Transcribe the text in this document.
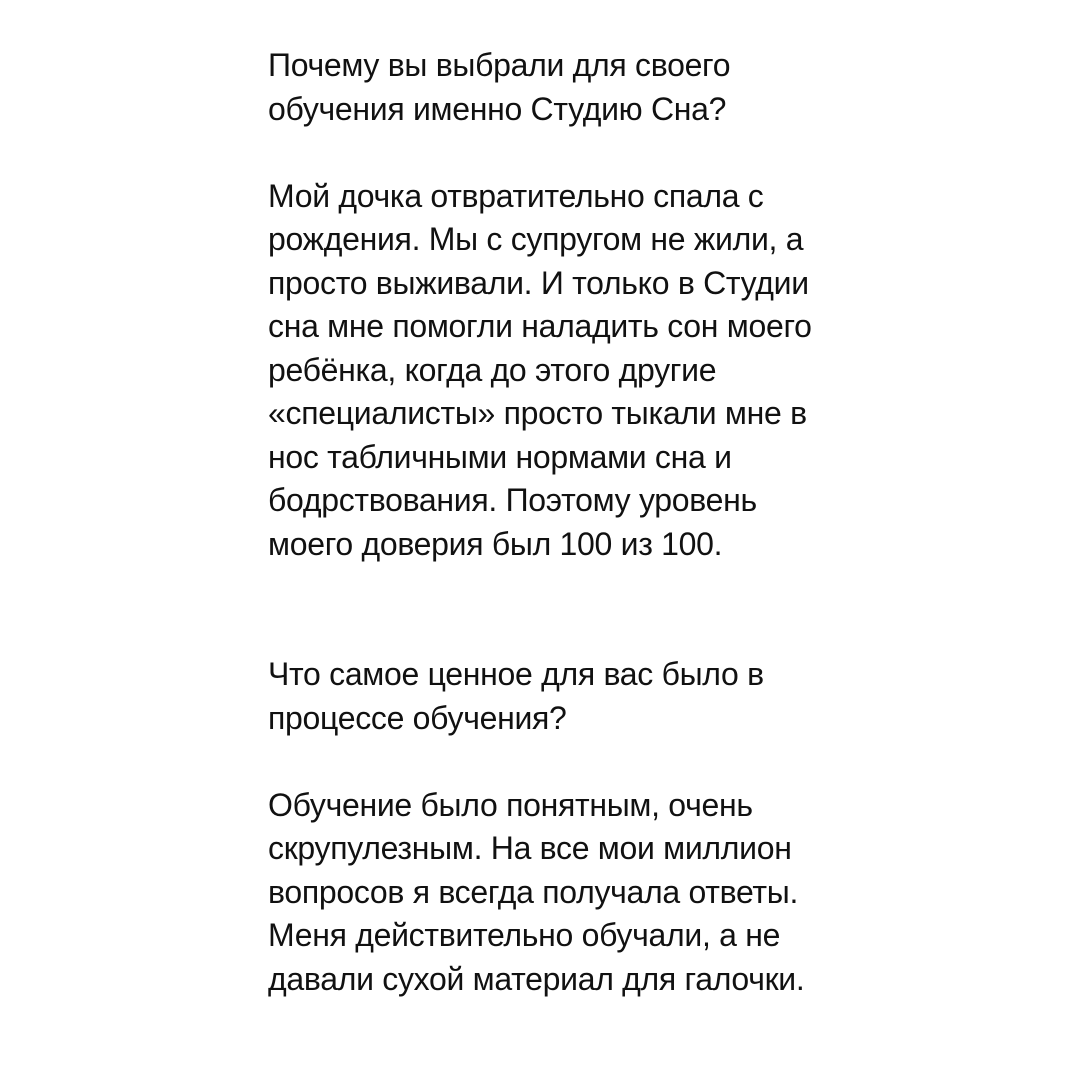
Почему вы выбрали для своего
обучения именно Студию Сна?

Мой дочка отвратительно спала с
рождения. Мы с супругом не жили, а
просто выживали. И только в Студии
сна мне помогли наладить сон моего
ребёнка, когда до этого другие
«специалисты» просто тыкали мне в
нос табличными нормами сна и
бодрствования. Поэтому уровень
моего доверия был 100 из 100.

Что самое ценное для вас было в
процессе обучения?

Обучение было понятным, очень
скрупулезным. На все мои миллион
вопросов я всегда получала ответы.
Меня действительно обучали, а не
давали сухой материал для галочки.
